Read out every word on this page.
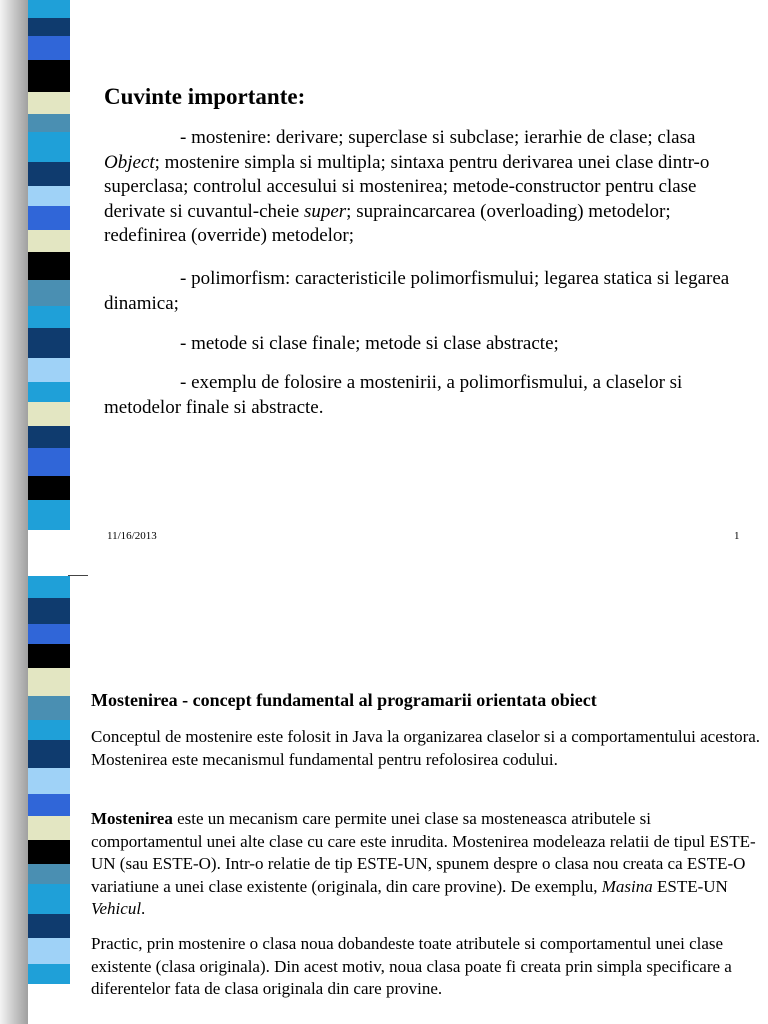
Cuvinte importante:

- mostenire: derivare; superclase si subclase; ierarhie de clase; clasa Object; mostenire simpla si multipla; sintaxa pentru derivarea unei clase dintr-o superclasa; controlul accesului si mostenirea; metode-constructor pentru clase derivate si cuvantul-cheie super; supraincarcarea (overloading) metodelor; redefinirea (override) metodelor;

- polimorfism: caracteristicile polimorfismului; legarea statica si legarea dinamica;

- metode si clase finale; metode si clase abstracte;

- exemplu de folosire a mostenirii, a polimorfismului, a claselor si metodelor finale si abstracte.

11/16/2013	1
Mostenirea - concept fundamental al programarii orientata obiect

Conceptul de mostenire este folosit in Java la organizarea claselor si a comportamentului acestora. Mostenirea este mecanismul fundamental pentru refolosirea codului.

Mostenirea este un mecanism care permite unei clase sa mosteneasca atributele si comportamentul unei alte clase cu care este inrudita. Mostenirea modeleaza relatii de tipul ESTE-UN (sau ESTE-O). Intr-o relatie de tip ESTE-UN, spunem despre o clasa nou creata ca ESTE-O variatiune a unei clase existente (originala, din care provine). De exemplu, Masina ESTE-UN Vehicul.

Practic, prin mostenire o clasa noua dobandeste toate atributele si comportamentul unei clase existente (clasa originala). Din acest motiv, noua clasa poate fi creata prin simpla specificare a diferentelor fata de clasa originala din care provine.
